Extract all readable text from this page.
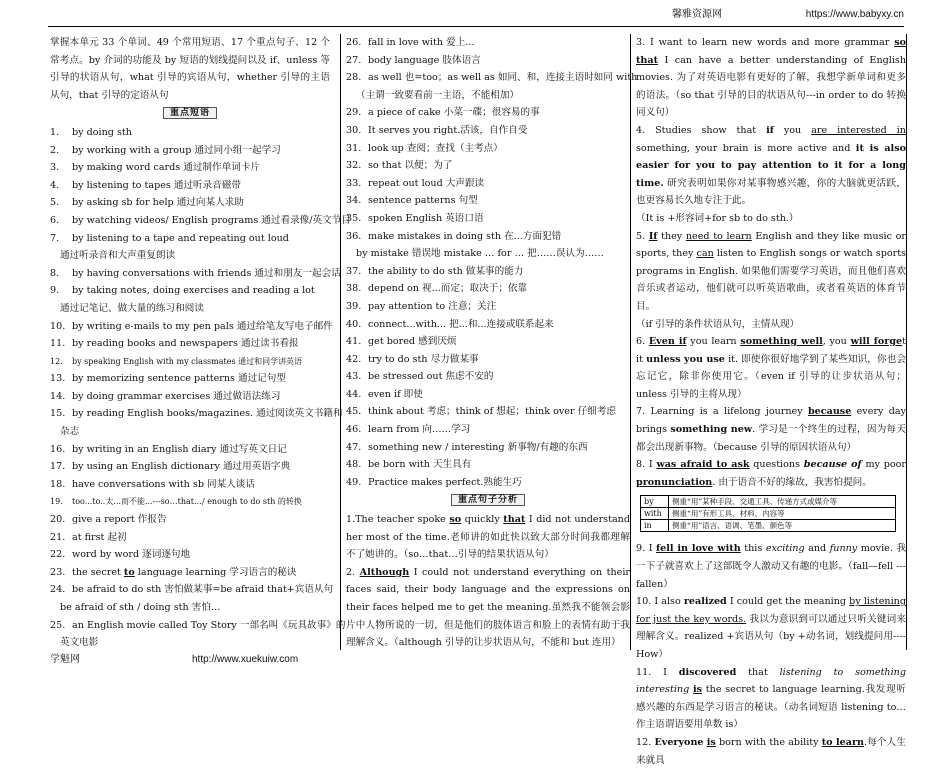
馨雅资源网	https://www.babyxy.cn
掌握本单元 33 个单词、49 个常用短语、17 个重点句子、12 个常考点。by 介词的功能及 by 短语的划线提问以及 if、unless 等引导的状语从句，what 引导的宾语从句，whether 引导的主语从句，that 引导的定语从句
重点短语
1.	by doing sth
2.	by working with a group 通过同小组一起学习
3.	by making word cards 通过制作单词卡片
4.	by listening to tapes 通过听录音磁带
5.	by asking sb for help 通过向某人求助
6.	by watching videos/ English programs 通过看录像/英文节目
7.	by listening to a tape and repeating out loud
通过听录音和大声重复朗读
8.	by having conversations with friends 通过和朋友一起会话
9.	by taking notes, doing exercises and reading a lot
通过记笔记、做大量的练习和阅读
10. by writing e-mails to my pen pals 通过给笔友写电子邮件
11. by reading books and newspapers 通过读书看报
12.	by speaking English with my classmates 通过和同学讲英语
13. by memorizing sentence patterns 通过记句型
14. by doing grammar exercises 通过做语法练习
15. by reading English books/magazines. 通过阅读英文书籍和
杂志
16. by writing in an English diary 通过写英文日记
17. by using an English dictionary 通过用英语字典
18. have conversations with sb 同某人谈话
19.	too...to..太...而不能...---so…that…/ enough to do sth 的转换
20. give a report 作报告
21. at first 起初
22. word by word 逐词逐句地
23. the secret to language learning 学习语言的秘诀
24. be afraid to do sth 害怕做某事=be afraid that+宾语从句
be afraid of sth / doing sth 害怕…
25. an English movie called Toy Story 一部名叫《玩具故事》的
英文电影
26. fall in love with 爱上...
27. body language 肢体语言
28. as well 也=too；as well as 如同、和，连接主语时如同 with
（主谓一致要看前一主语，不能相加）
29. a piece of cake 小菜一碟；很容易的事
30. It serves you right.活该，自作自受
31. look up 查阅；查找（主考点）
32. so that 以便；为了
33. repeat out loud 大声跟读
34. sentence patterns 句型
35. spoken English 英语口语
36. make mistakes in doing sth 在...方面犯错
by mistake 错误地 mistake … for … 把……误认为……
37. the ability to do sth 做某事的能力
38. depend on 视...而定；取决于；依靠
39. pay attention to 注意；关注
40. connect...with... 把...和...连接或联系起来
41. get bored 感到厌烦
42. try to do sth 尽力做某事
43. be stressed out 焦虑不安的
44. even if 即使
45. think about 考虑；think of 想起；think over 仔细考虑
46. learn from 向……学习
47. something new / interesting 新事物/有趣的东西
48. be born with 天生具有
49. Practice makes perfect.熟能生巧
重点句子分析
1.The teacher spoke so quickly that I did not understand her most of the time.老师讲的如此快以致大部分时间我都理解不了她讲的。（so…that…引导的结果状语从句）
2. Although I could not understand everything on their faces said, their body language and the expressions on their faces helped me to get the meaning.虽然我不能领会影片中人物所说的一切，但是他们的肢体语言和脸上的表情有助于我理解含义。（although 引导的让步状语从句，不能和 but 连用）
3. I want to learn new words and more grammar so that I can have a better understanding of English movies. 为了对英语电影有更好的了解，我想学新单词和更多的语法。（so that 引导的目的状语从句---in order to do 转换同义句）
4. Studies show that if you are interested in something, your brain is more active and it is also easier for you to pay attention to it for a long time. 研究表明如果你对某事物感兴趣，你的大脑就更活跃，也更容易长久地专注于此。
（It is +形容词+for sb to do sth.）
5. If they need to learn English and they like music or sports, they can listen to English songs or watch sports programs in English. 如果他们需要学习英语，而且他们喜欢音乐或者运动，他们就可以听英语歌曲，或者看英语的体育节目。
（if 引导的条件状语从句，主情从现）
6. Even if you learn something well, you will forget it unless you use it. 即使你很好地学到了某些知识，你也会忘记它，除非你使用它。（even if 引导的让步状语从句；unless 引导的主将从现）
7. Learning is a lifelong journey because every day brings something new. 学习是一个终生的过程，因为每天都会出现新事物。（because 引导的原因状语从句）
8. I was afraid to ask questions because of my poor pronunciation. 由于语音不好的缘故，我害怕提问。
by	侧重“用”某种手段、交通工具、传递方式或媒介等
with	侧重“用”有形工具、材料、内容等
in	侧重“用”语言、语调、笔墨、颜色等
9. I fell in love with this exciting and funny movie. 我一下子就喜欢上了这部既令人激动又有趣的电影。（fall—fell ---fallen）
10. I also realized I could get the meaning by listening for just the key words. 我以为意识到可以通过只听关键词来理解含义。realized +宾语从句（by +动名词，划线提问用----How）
11. I discovered that listening to something interesting is the secret to language learning.我发现听感兴趣的东西是学习语言的秘诀。（动名词短语 listening to…作主语谓语要用单数 is）
12. Everyone is born with the ability to learn.每个人生来就具
学魁网	http://www.xuekuiw.com
